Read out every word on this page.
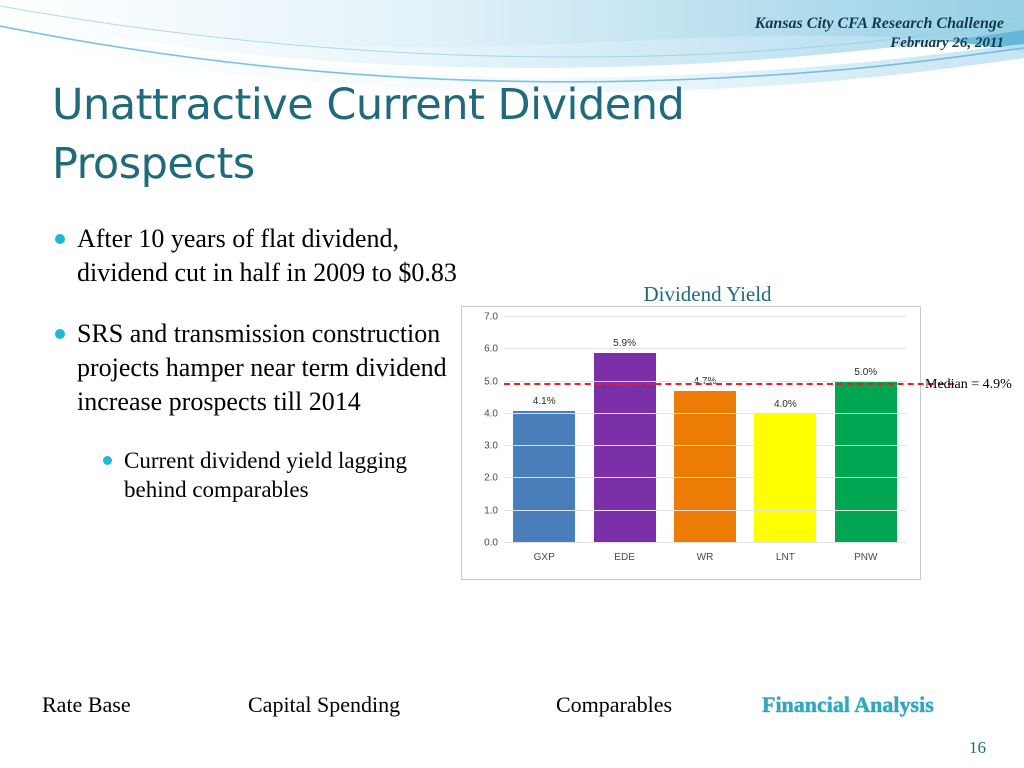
Kansas City CFA Research Challenge
February 26, 2011
Unattractive Current Dividend Prospects
After 10 years of flat dividend, dividend cut in half in 2009 to $0.83
SRS and transmission construction projects hamper near term dividend increase prospects till 2014
Current dividend yield lagging behind comparables
Dividend Yield
4.1%
GXP
5.9%
EDE
4.7%
WR
4.0%
LNT
5.0%
PNW
0.0
1.0
2.0
3.0
4.0
5.0
6.0
7.0
Median = 4.9%
Rate Base	Capital Spending	Comparables	Financial Analysis
16
